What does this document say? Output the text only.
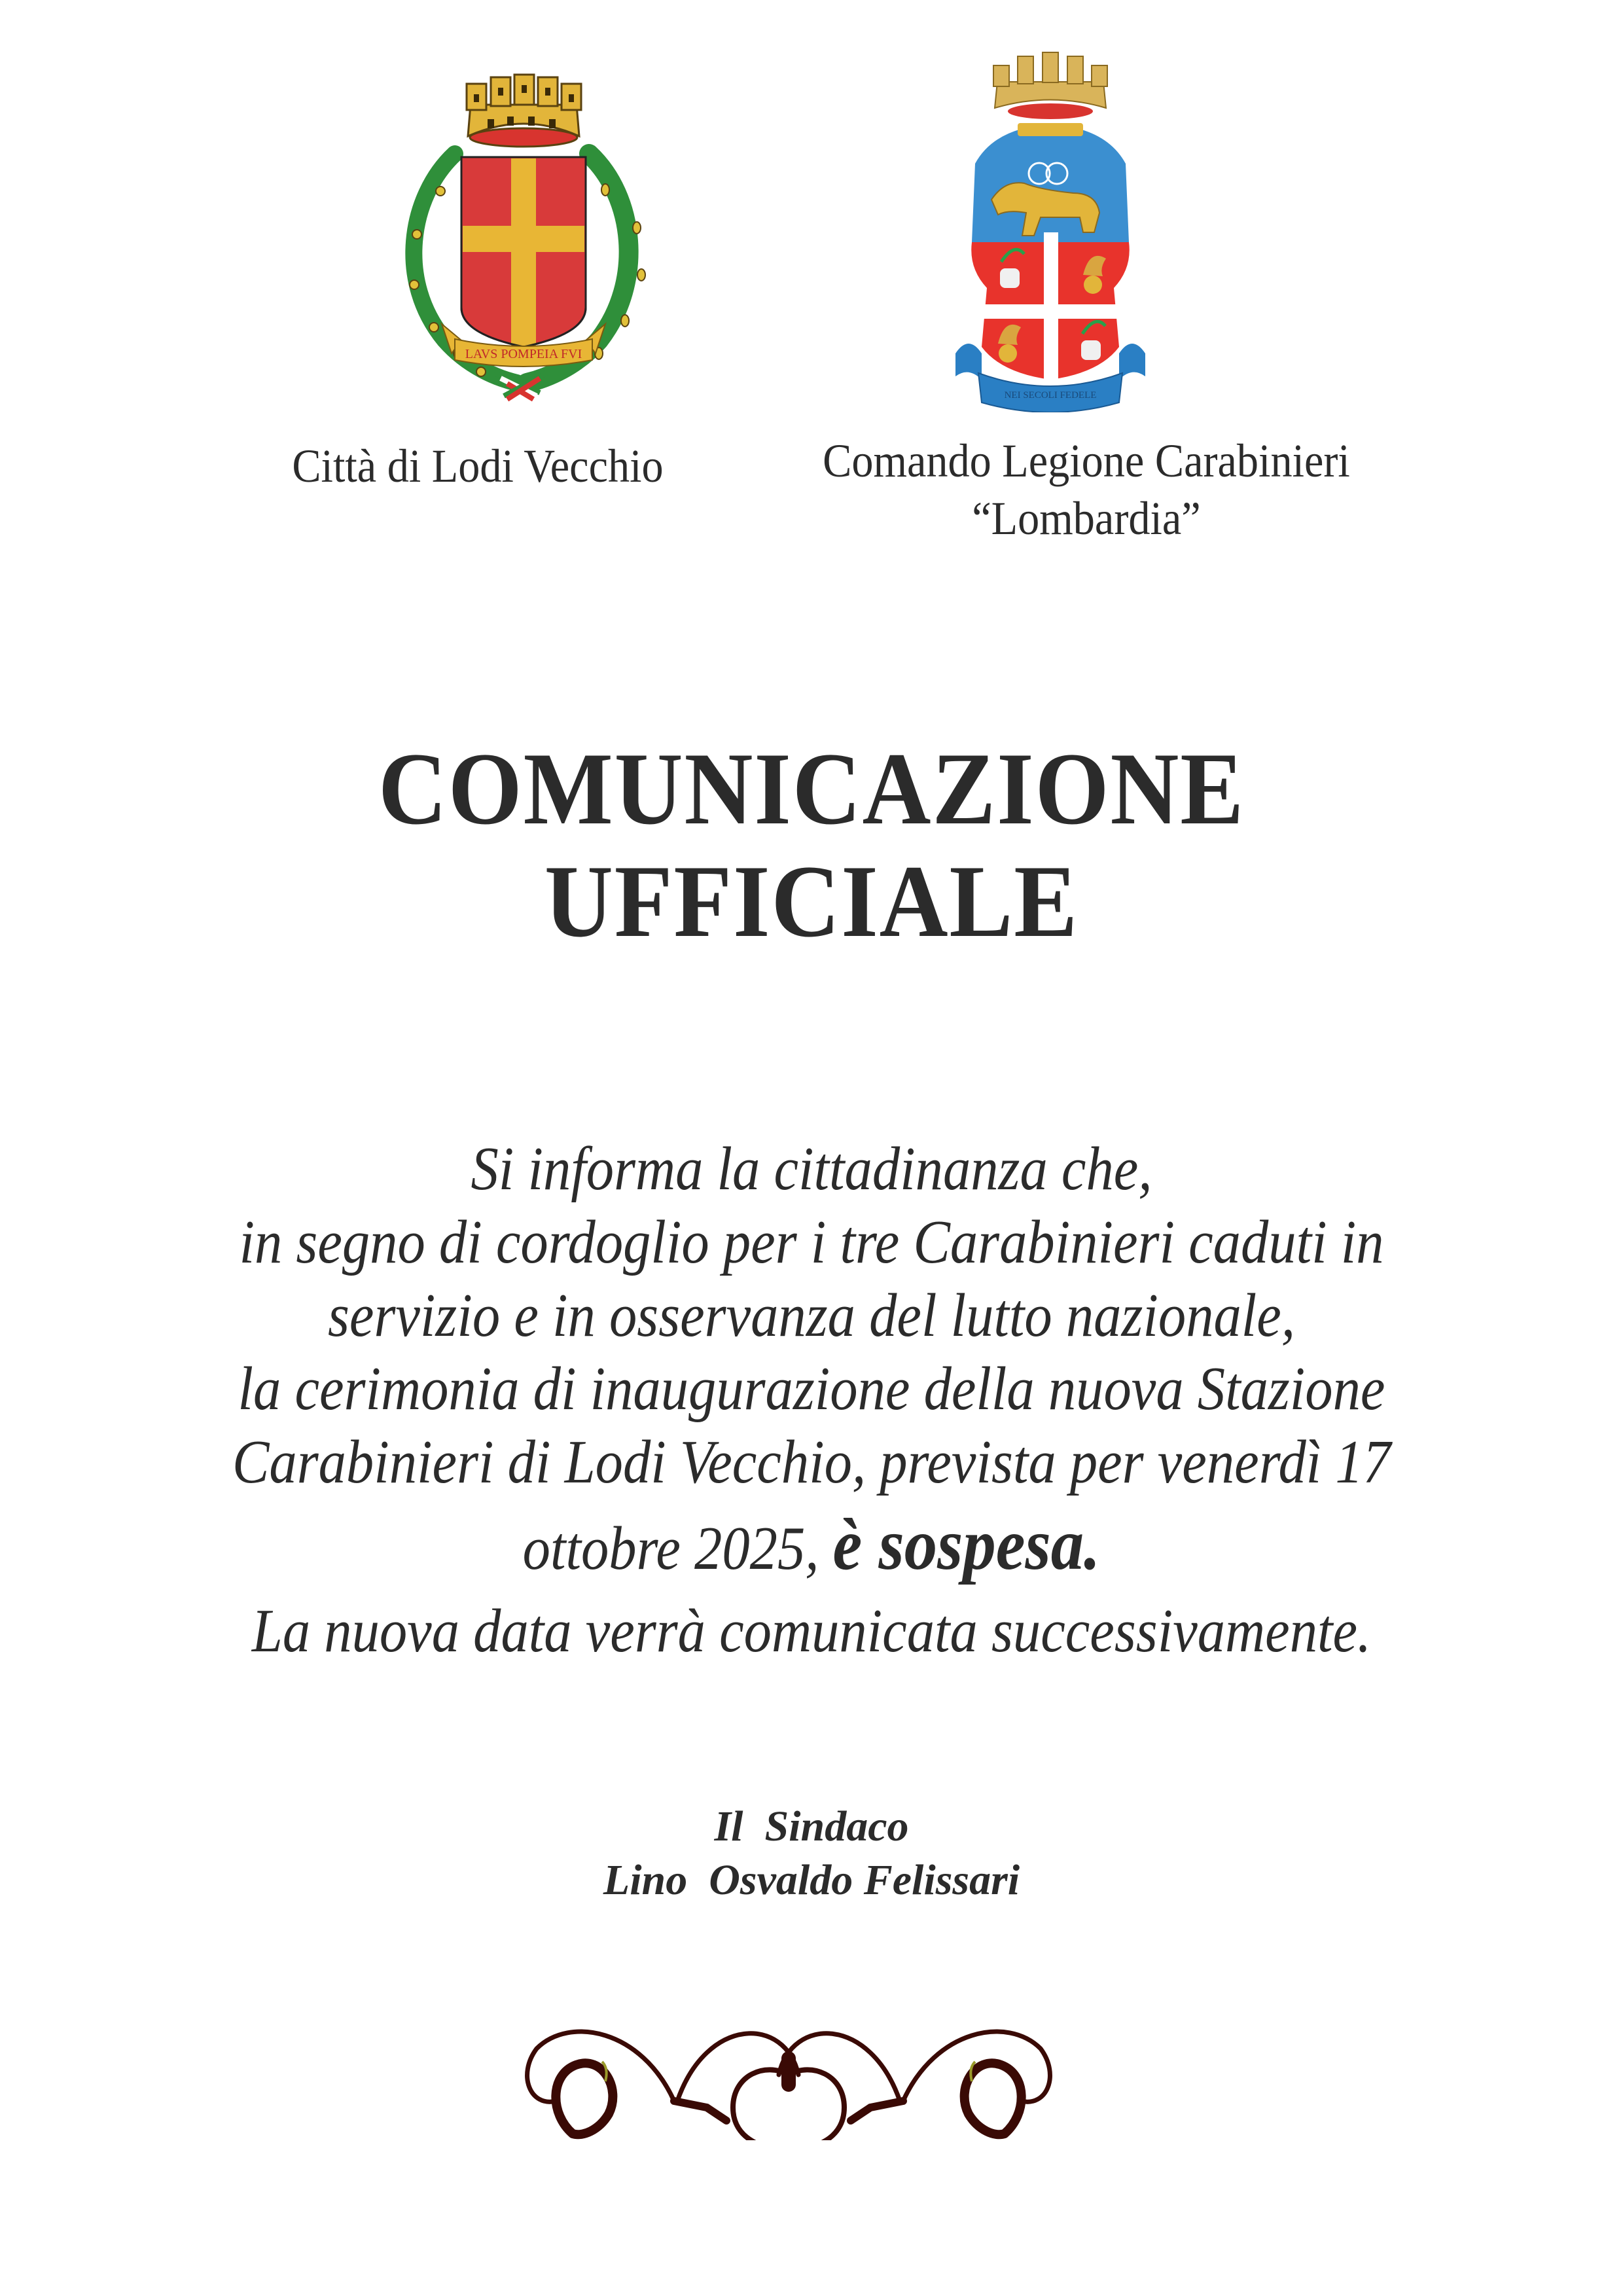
LAVS POMPEIA FVI
NEI SECOLI FEDELE
Città di Lodi Vecchio	Comando Legione Carabinieri
“Lombardia”
COMUNICAZIONE
UFFICIALE
Si informa la cittadinanza che,
in segno di cordoglio per i tre Carabinieri caduti in
servizio e in osservanza del lutto nazionale,
la cerimonia di inaugurazione della nuova Stazione
Carabinieri di Lodi Vecchio, prevista per venerdì 17
ottobre 2025, è sospesa.
La nuova data verrà comunicata successivamente.
Il  Sindaco
Lino  Osvaldo Felissari
